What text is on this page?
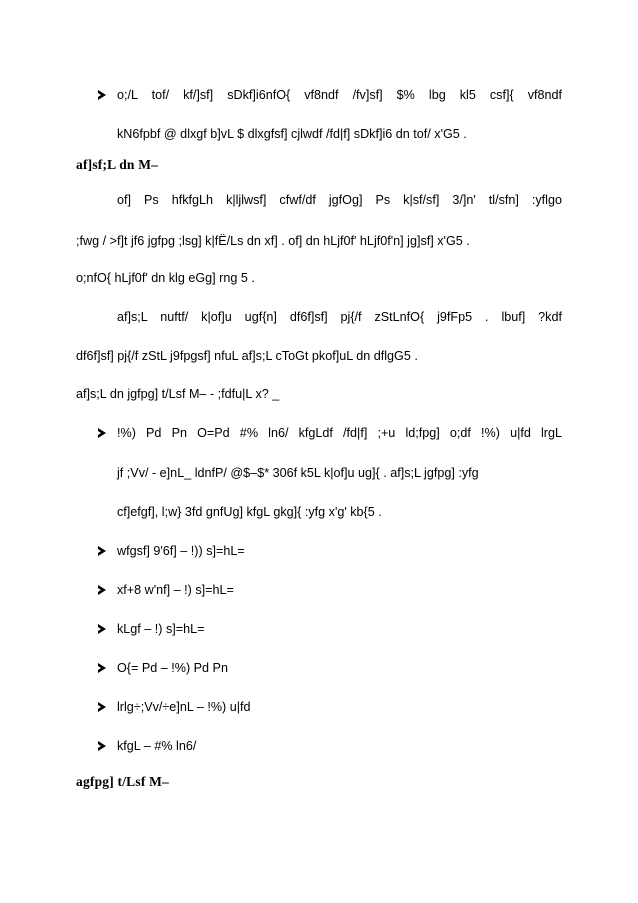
o;/L tof/ kf/]sf] sDkf]i6nfO{ vf8ndf /fv]sf] $% lbg kl5 csf]{ vf8ndf
kN6fpbf @ dlxgf b]vL $ dlxgfsf] cjlwdf /fd|f] sDkf]i6 dn tof/ x'G5 .
af]sf;L dn M–
of] Ps hfkfgLh k|ljlwsf] cfwf/df jgfOg] Ps k|sf/sf] 3/]n' tl/sfn] :yflgo
;fwg / >f]t jf6 jgfpg ;lsg] k|fË/Ls dn xf] . of] dn hLjf0f' hLjf0f'n] jg]sf] x'G5 .
o;nfO{ hLjf0f' dn klg eGg] rng 5 .
af]s;L nuftf/ k|of]u ugf{n] df6f]sf] pj{/f zStLnfO{ j9fFp5 . lbuf] ?kdf
df6f]sf] pj{/f zStL j9fpgsf] nfuL af]s;L cToGt pkof]uL dn dflgG5 .
af]s;L dn jgfpg] t/Lsf M– - ;fdfu|L x? _
!%) Pd Pn O=Pd #% ln6/ kfgLdf /fd|f] ;+u ld;fpg] o;df !%) u|fd lrgL
jf ;Vv/ - e]nL_ ldnfP/ @$–$* 306f k5L k|of]u ug]{ . af]s;L jgfpg] :yfg
cf]efgf], l;w} 3fd gnfUg] kfgL gkg]{ :yfg x'g' kb{5 .
wfgsf] 9'6f] – !)) s]=hL=
xf+8 w'nf] – !) s]=hL=
kLgf – !) s]=hL=
O{= Pd – !%) Pd Pn
lrlg÷;Vv/÷e]nL – !%) u|fd
kfgL – #% ln6/
agfpg] t/Lsf M–
